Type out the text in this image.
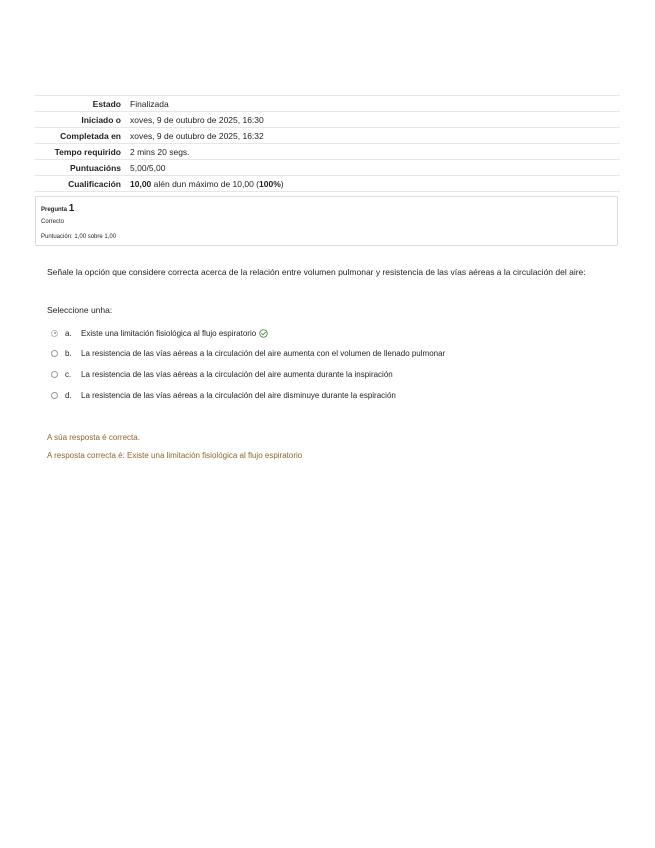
Estado	Finalizada
Iniciado o	xoves, 9 de outubro de 2025, 16:30
Completada en	xoves, 9 de outubro de 2025, 16:32
Tempo requirido	2 mins 20 segs.
Puntuacións	5,00/5,00
Cualificación	10,00 alén dun máximo de 10,00 (100%)
Pregunta 1
Correcto
Puntuación: 1,00 sobre 1,00
Señale la opción que considere correcta acerca de la relación entre volumen pulmonar y resistencia de las vías aéreas a la circulación del aire:
Seleccione unha:
a.	Existe una limitación fisiológica al flujo espiratorio
b.	La resistencia de las vías aéreas a la circulación del aire aumenta con el volumen de llenado pulmonar
c.	La resistencia de las vías aéreas a la circulación del aire aumenta durante la inspiración
d.	La resistencia de las vías aéreas a la circulación del aire disminuye durante la espiración
A súa resposta é correcta.
A resposta correcta é: Existe una limitación fisiológica al flujo espiratorio
